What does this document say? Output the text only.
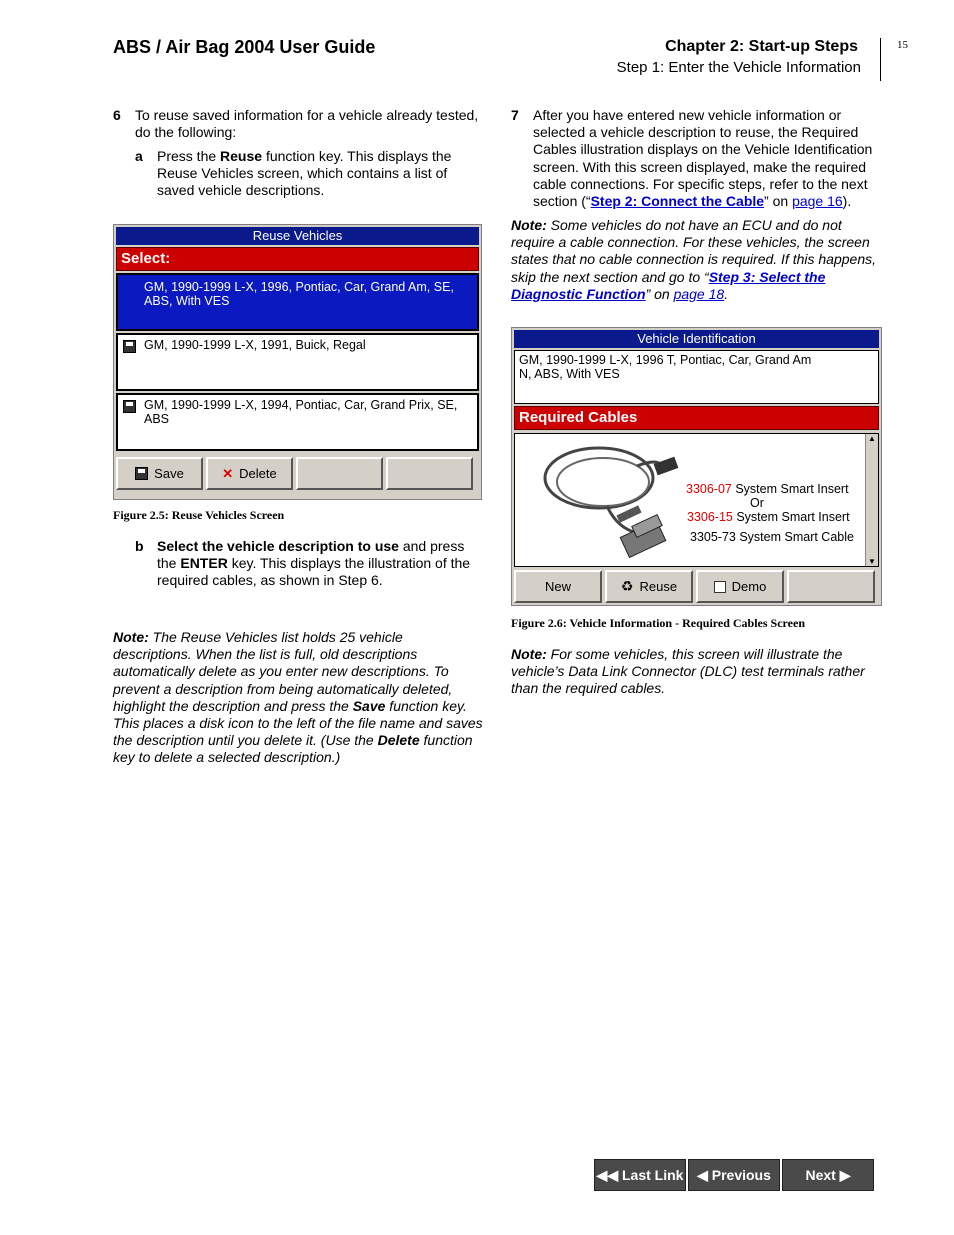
ABS / Air Bag 2004 User Guide	Chapter 2: Start-up Steps
Step 1: Enter the Vehicle Information
15
6	To reuse saved information for a vehicle already tested, do the following:
a Press the Reuse function key. This displays the Reuse Vehicles screen, which contains a list of saved vehicle descriptions.
Reuse Vehicles
Select:
GM, 1990-1999 L-X, 1996, Pontiac, Car, Grand Am, SE,
ABS, With VES
GM, 1990-1999 L-X, 1991, Buick, Regal
GM, 1990-1999 L-X, 1994, Pontiac, Car, Grand Prix, SE,
ABS
Save	✕ Delete
Figure 2.5: Reuse Vehicles Screen
b Select the vehicle description to use and press the ENTER key. This displays the illustration of the required cables, as shown in Step 6.
Note: The Reuse Vehicles list holds 25 vehicle descriptions. When the list is full, old descriptions automatically delete as you enter new descriptions. To prevent a description from being automatically deleted, highlight the description and press the Save function key. This places a disk icon to the left of the file name and saves the description until you delete it. (Use the Delete function key to delete a selected description.)
7 After you have entered new vehicle information or selected a vehicle description to reuse, the Required Cables illustration displays on the Vehicle Identification screen. With this screen displayed, make the required cable connections. For specific steps, refer to the next section (“Step 2: Connect the Cable” on page 16).
Note: Some vehicles do not have an ECU and do not require a cable connection. For these vehicles, the screen states that no cable connection is required. If this happens, skip the next section and go to “Step 3: Select the Diagnostic Function” on page 18.
Vehicle Identification
GM, 1990-1999 L-X, 1996 T, Pontiac, Car, Grand Am
N, ABS, With VES
Required Cables
3306-07 System Smart Insert
Or
3306-15 System Smart Insert
3305-73 System Smart Cable
▲
▼
New	♻ Reuse	Demo
Figure 2.6: Vehicle Information - Required Cables Screen
Note: For some vehicles, this screen will illustrate the vehicle’s Data Link Connector (DLC) test terminals rather than the required cables.
◀◀ Last Link ◀ Previous Next ▶
